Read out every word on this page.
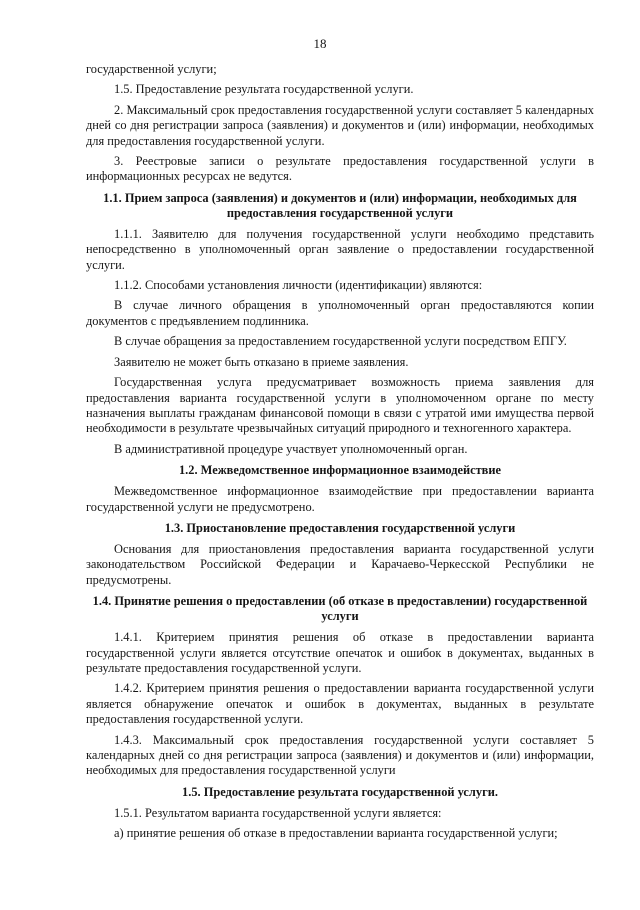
18

государственной услуги;

1.5. Предоставление результата государственной услуги.

2. Максимальный срок предоставления государственной услуги составляет 5 календарных дней со дня регистрации запроса (заявления) и документов и (или) информации, необходимых для предоставления государственной услуги.

3. Реестровые записи о результате предоставления государственной услуги в информационных ресурсах не ведутся.

1.1. Прием запроса (заявления) и документов и (или) информации, необходимых для предоставления государственной услуги

1.1.1. Заявителю для получения государственной услуги необходимо представить непосредственно в уполномоченный орган заявление о предоставлении государственной услуги.

1.1.2. Способами установления личности (идентификации) являются:

В случае личного обращения в уполномоченный орган предоставляются копии документов с предъявлением подлинника.

В случае обращения за предоставлением государственной услуги посредством ЕПГУ.

Заявителю не может быть отказано в приеме заявления.

Государственная услуга предусматривает возможность приема заявления для предоставления варианта государственной услуги в уполномоченном органе по месту назначения выплаты гражданам финансовой помощи в связи с утратой ими имущества первой необходимости в результате чрезвычайных ситуаций природного и техногенного характера.

В административной процедуре участвует уполномоченный орган.

1.2. Межведомственное информационное взаимодействие

Межведомственное информационное взаимодействие при предоставлении варианта государственной услуги не предусмотрено.

1.3. Приостановление предоставления государственной услуги

Основания для приостановления предоставления варианта государственной услуги законодательством Российской Федерации и Карачаево-Черкесской Республики не предусмотрены.

1.4. Принятие решения о предоставлении (об отказе в предоставлении) государственной услуги

1.4.1. Критерием принятия решения об отказе в предоставлении варианта государственной услуги является отсутствие опечаток и ошибок в документах, выданных в результате предоставления государственной услуги.

1.4.2. Критерием принятия решения о предоставлении варианта государственной услуги является обнаружение опечаток и ошибок в документах, выданных в результате предоставления государственной услуги.

1.4.3. Максимальный срок предоставления государственной услуги составляет 5 календарных дней со дня регистрации запроса (заявления) и документов и (или) информации, необходимых для предоставления государственной услуги

1.5. Предоставление результата государственной услуги.

1.5.1. Результатом варианта государственной услуги является:

а) принятие решения об отказе в предоставлении варианта государственной услуги;
